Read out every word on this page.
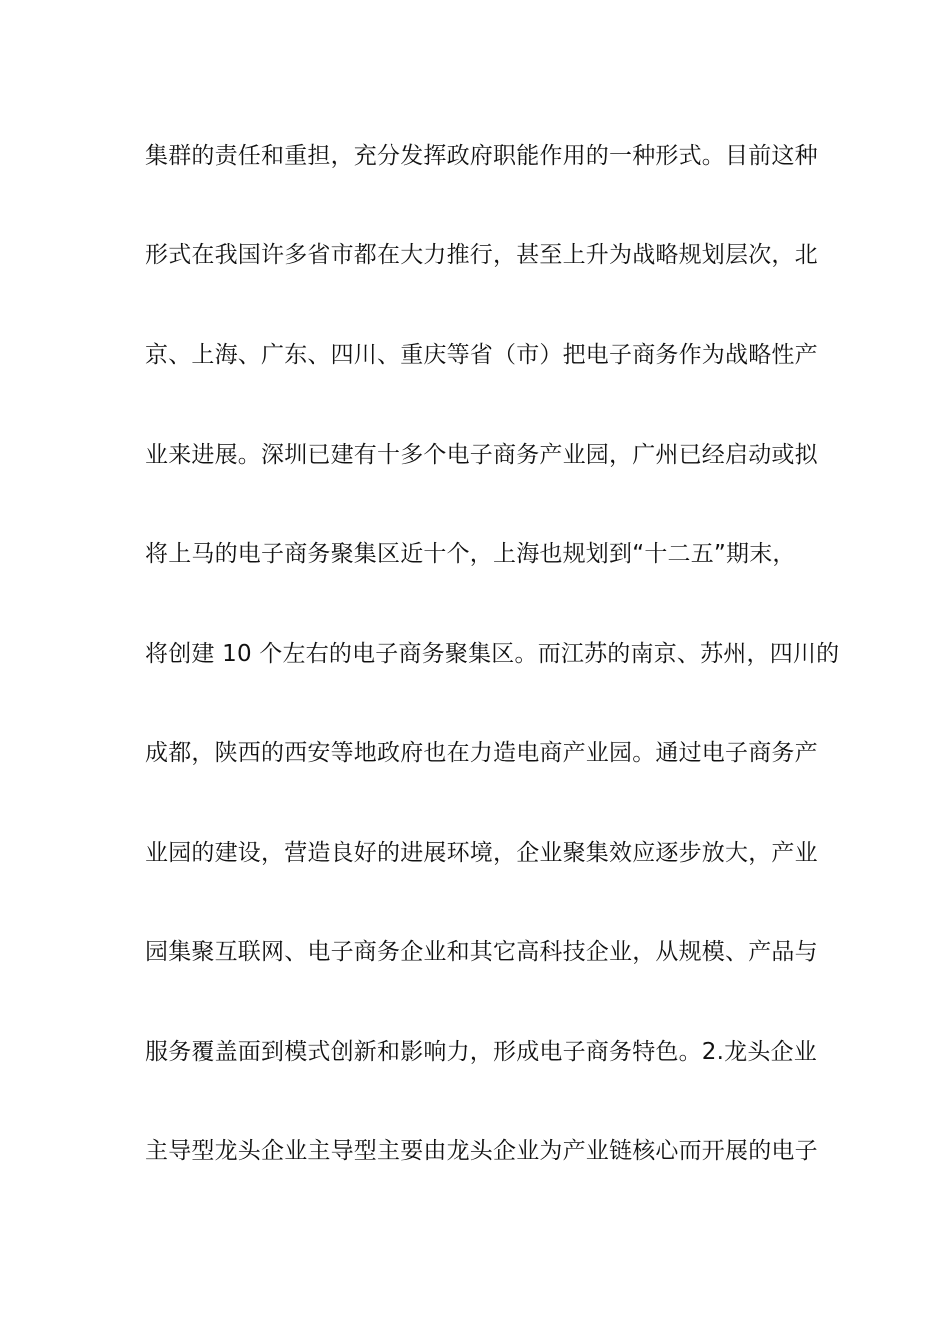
集群的责任和重担，充分发挥政府职能作用的一种形式。目前这种
形式在我国许多省市都在大力推行，甚至上升为战略规划层次，北
京、上海、广东、四川、重庆等省（市）把电子商务作为战略性产
业来进展。深圳已建有十多个电子商务产业园，广州已经启动或拟
将上马的电子商务聚集区近十个，上海也规划到“十二五”期末，
将创建 10 个左右的电子商务聚集区。而江苏的南京、苏州，四川的
成都，陕西的西安等地政府也在力造电商产业园。通过电子商务产
业园的建设，营造良好的进展环境，企业聚集效应逐步放大，产业
园集聚互联网、电子商务企业和其它高科技企业，从规模、产品与
服务覆盖面到模式创新和影响力，形成电子商务特色。2.龙头企业
主导型龙头企业主导型主要由龙头企业为产业链核心而开展的电子
